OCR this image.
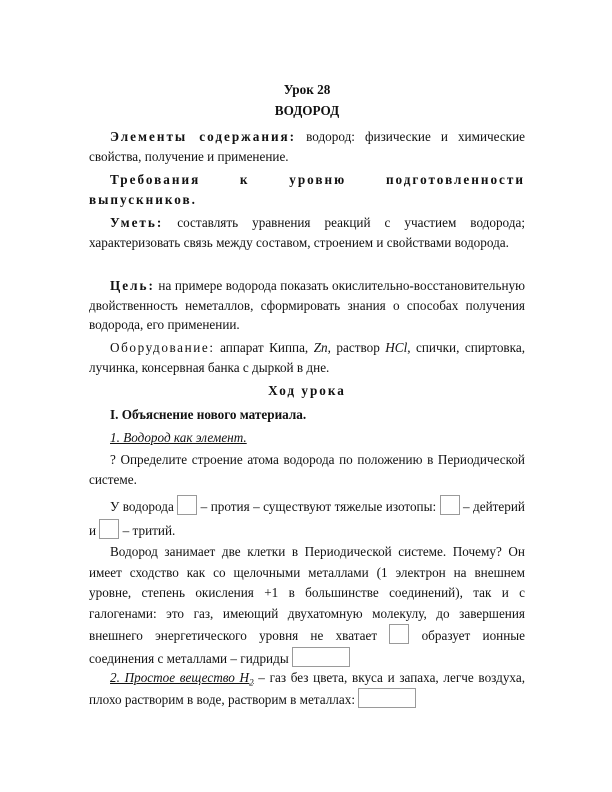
Урок 28
ВОДОРОД
Элементы содержания: водород: физические и химические свойства, получение и применение.
Требования	к	уровню	подготовленности
выпускников.
Уметь: составлять уравнения реакций с участием водорода; характеризовать связь между составом, строением и свойствами водорода.
Цель: на примере водорода показать окислительно-восстановительную двойственность неметаллов, сформировать знания о способах получения водорода, его применении.
Оборудование: аппарат Киппа, Zn, раствор HCl, спички, спиртовка, лучинка, консервная банка с дыркой в дне.
Ход урока
I. Объяснение нового материала.
1. Водород как элемент.
? Определите строение атома водорода по положению в Периодической системе.
У водорода  – протия – существуют тяжелые изотопы:  – дейтерий и  – тритий.
Водород занимает две клетки в Периодической системе. Почему? Он имеет сходство как со щелочными металлами (1 электрон на внешнем уровне, степень окисления +1 в большинстве соединений), так и с галогенами: это газ, имеющий двухатомную молекулу, до завершения внешнего энергетического уровня не хватает  образует ионные соединения с металлами – гидриды
2. Простое вещество $H_2$ – газ без цвета, вкуса и запаха, легче воздуха, плохо растворим в воде, растворим в металлах:
